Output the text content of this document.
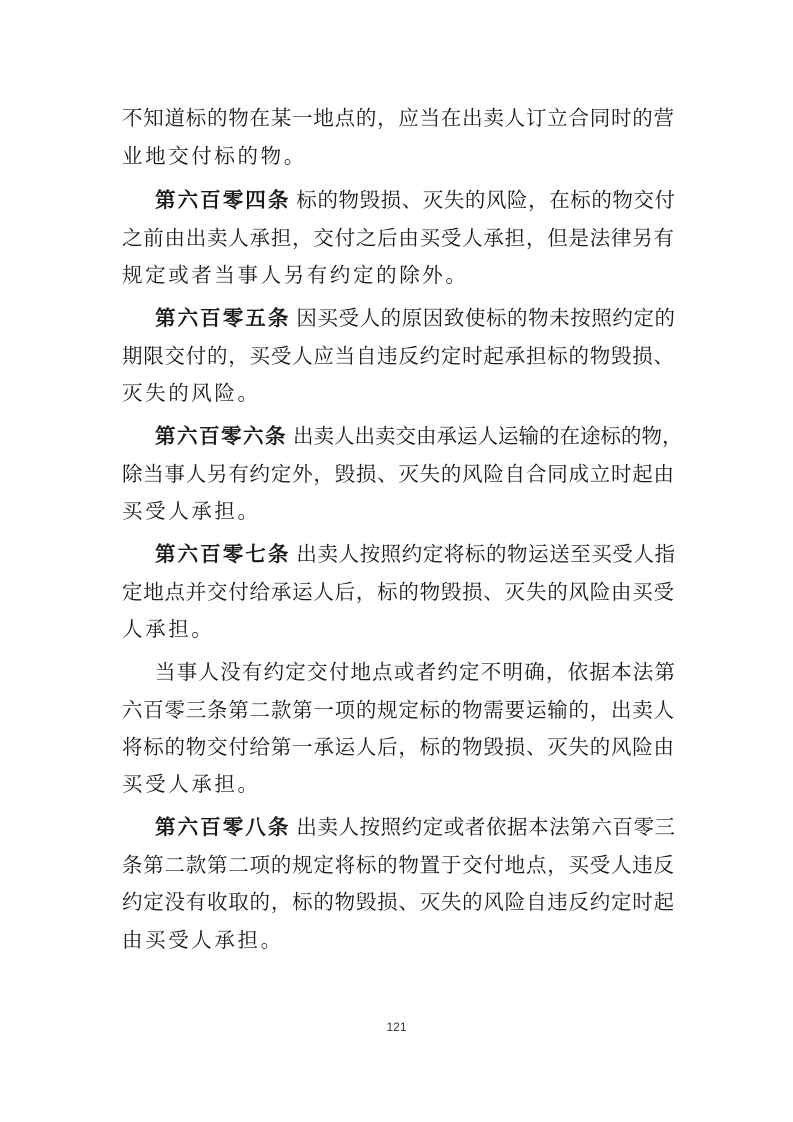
不知道标的物在某一地点的，应当在出卖人订立合同时的营
业地交付标的物。
第六百零四条 标的物毁损、灭失的风险，在标的物交付
之前由出卖人承担，交付之后由买受人承担，但是法律另有
规定或者当事人另有约定的除外。
第六百零五条 因买受人的原因致使标的物未按照约定的
期限交付的，买受人应当自违反约定时起承担标的物毁损、
灭失的风险。
第六百零六条 出卖人出卖交由承运人运输的在途标的物，
除当事人另有约定外，毁损、灭失的风险自合同成立时起由
买受人承担。
第六百零七条 出卖人按照约定将标的物运送至买受人指
定地点并交付给承运人后，标的物毁损、灭失的风险由买受
人承担。
当事人没有约定交付地点或者约定不明确，依据本法第
六百零三条第二款第一项的规定标的物需要运输的，出卖人
将标的物交付给第一承运人后，标的物毁损、灭失的风险由
买受人承担。
第六百零八条 出卖人按照约定或者依据本法第六百零三
条第二款第二项的规定将标的物置于交付地点，买受人违反
约定没有收取的，标的物毁损、灭失的风险自违反约定时起
由买受人承担。
121
